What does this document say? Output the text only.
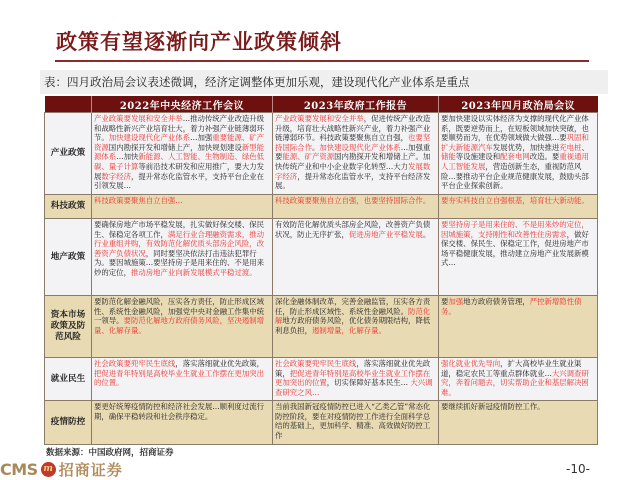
政策有望逐渐向产业政策倾斜
表：四月政治局会议表述微调，经济定调整体更加乐观，建设现代化产业体系是重点
	2022年中央经济工作会议	2023年政府工作报告	2023年四月政治局会议
产业政策	产业政策要发展和安全并举…推动传统产业改造升级和战略性新兴产业培育壮大，着力补强产业链薄弱环节。加快建设现代化产业体系…加强重要能源、矿产资源国内勘探开发和增储上产，加快规划建设新型能源体系…加快新能源、人工智能、生物制造、绿色低碳、量子计算等前沿技术研发和应用推广，要大力发展数字经济，提升常态化监管水平，支持平台企业在引领发展…	产业政策要发展和安全并举，促进传统产业改造升级，培育壮大战略性新兴产业，着力补强产业链薄弱环节。科技政策要聚焦自立自强，也要坚持国际合作。加快建设现代化产业体系…加强重要能源、矿产资源国内勘探开发和增储上产。加快传统产业和中小企业数字化转型…大力发展数字经济，提升常态化监管水平，支持平台经济发展。	要加快建设以实体经济为支撑的现代化产业体系，既要逆势而上，在短板领域加快突破，也要顺势而为，在优势领域做大做强…要巩固和扩大新能源汽车发展优势，加快推进充电桩、储能等设施建设和配套电网改造。要重视通用人工智能发展，营造创新生态，重视防范风险…要推动平台企业规范健康发展，鼓励头部平台企业探索创新。
科技政策	科技政策要聚焦自立自强…	科技政策要聚焦自立自强，也要坚持国际合作。	要夯实科技自立自强根基，培育壮大新动能。
地产政策	要确保房地产市场平稳发展，扎实做好保交楼、保民生、保稳定各项工作，满足行业合理融资需求，推动行业重组并购，有效防范化解优质头部房企风险，改善资产负债状况，同时要坚决依法打击违法犯罪行为。要因城施策…要坚持房子是用来住的、不是用来炒的定位，推动房地产业向新发展模式平稳过渡。	有效防范化解优质头部房企风险，改善资产负债状况，防止无序扩张，促进房地产业平稳发展。	要坚持房子是用来住的、不是用来炒的定位，因城施策，支持刚性和改善性住房需求，做好保交楼、保民生、保稳定工作，促进房地产市场平稳健康发展，推动建立房地产业发展新模式…
资本市场政策及防范风险	要防范化解金融风险，压实各方责任，防止形成区域性、系统性金融风险，加强党中央对金融工作集中统一领导。要防范化解地方政府债务风险，坚决遏制增量、化解存量。	深化金融体制改革，完善金融监管，压实各方责任，防止形成区域性、系统性金融风险。防范化解地方政府债务风险，优化债务期限结构，降低利息负担，遏制增量，化解存量。	要加强地方政府债务管理，严控新增隐性债务。
就业民生	社会政策要兜牢民生底线，落实落细就业优先政策，把促进青年特别是高校毕业生就业工作摆在更加突出的位置。	社会政策要兜牢民生底线，落实落细就业优先政策，把促进青年特别是高校毕业生就业工作摆在更加突出的位置，切实保障好基本民生… 大兴调查研究之风…	强化就业优先导向，扩大高校毕业生就业渠道，稳定农民工等重点群体就业…大兴调查研究，奔着问题去，切实帮助企业和基层解决困难。
疫情防控	要更好统筹疫情防控和经济社会发展…顺利度过流行期，确保平稳转段和社会秩序稳定。	当前我国新冠疫情防控已进入“乙类乙管”常态化防控阶段，要在对疫情防控工作进行全面科学总结的基础上，更加科学、精准、高效做好防控工作	要继续抓好新冠疫情防控工作。
数据来源：中国政府网，招商证券
CMS m 招商证券	-10-
